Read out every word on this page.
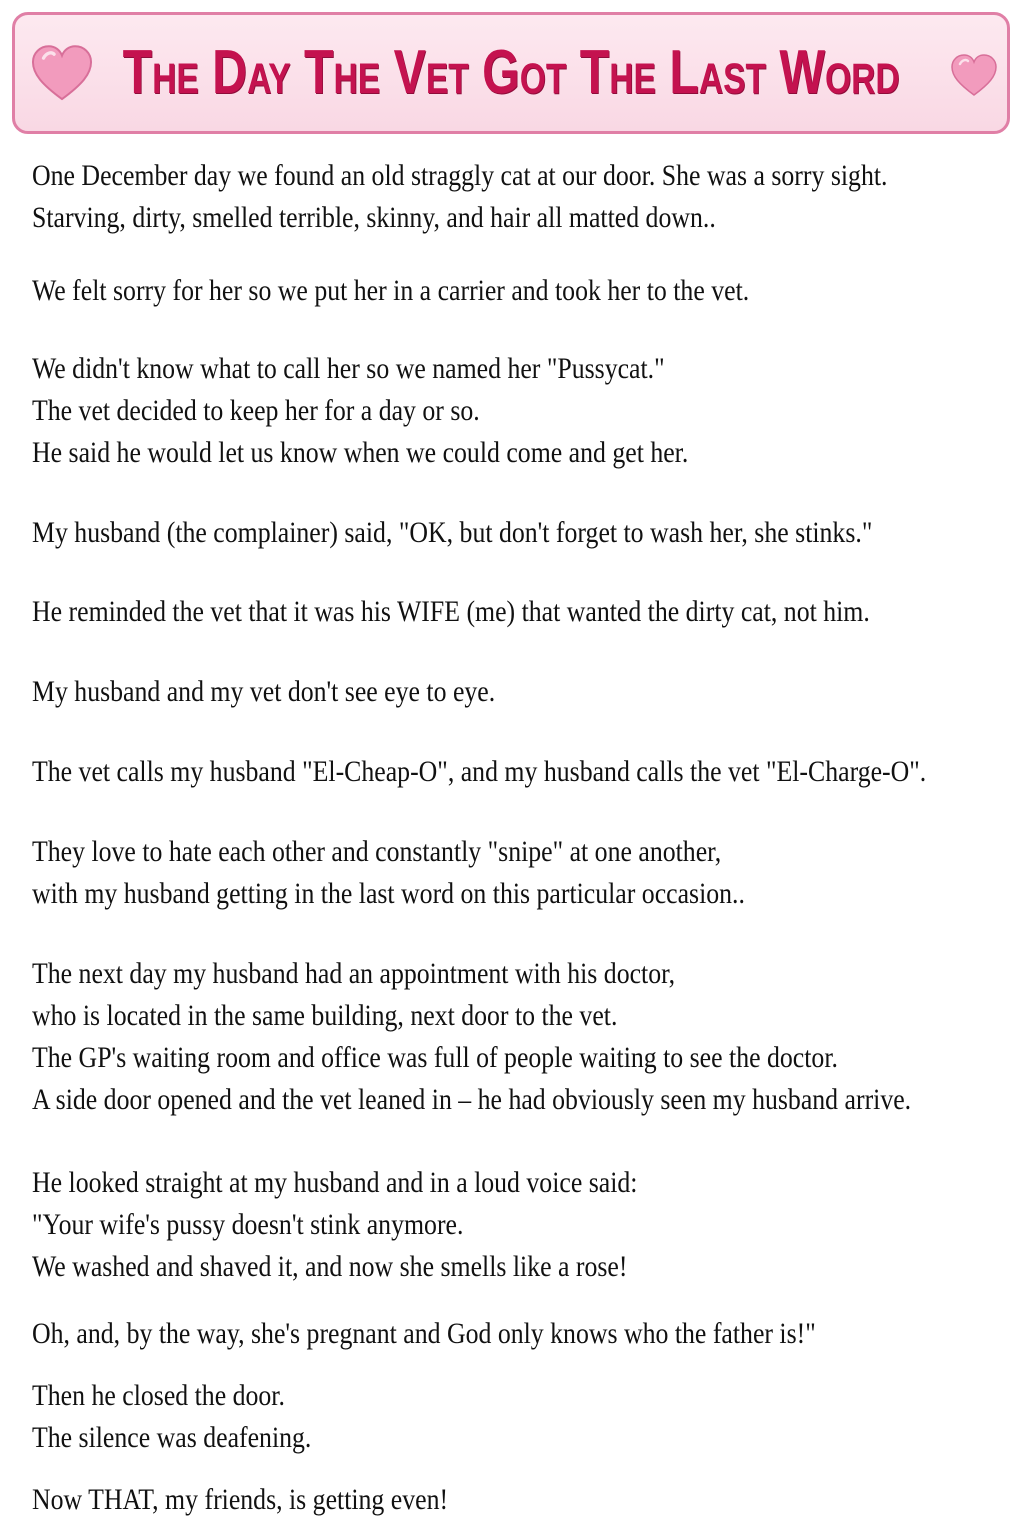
The Day The Vet Got The Last Word

One December day we found an old straggly cat at our door. She was a sorry sight.
Starving, dirty, smelled terrible, skinny, and hair all matted down..

We felt sorry for her so we put her in a carrier and took her to the vet.

We didn't know what to call her so we named her "Pussycat."
The vet decided to keep her for a day or so.
He said he would let us know when we could come and get her.

My husband (the complainer) said, "OK, but don't forget to wash her, she stinks."

He reminded the vet that it was his WIFE (me) that wanted the dirty cat, not him.

My husband and my vet don't see eye to eye.

The vet calls my husband "El-Cheap-O", and my husband calls the vet "El-Charge-O".

They love to hate each other and constantly "snipe" at one another,
with my husband getting in the last word on this particular occasion..

The next day my husband had an appointment with his doctor,
who is located in the same building, next door to the vet.
The GP's waiting room and office was full of people waiting to see the doctor.
A side door opened and the vet leaned in – he had obviously seen my husband arrive.

He looked straight at my husband and in a loud voice said:
"Your wife's pussy doesn't stink anymore.
We washed and shaved it, and now she smells like a rose!

Oh, and, by the way, she's pregnant and God only knows who the father is!"

Then he closed the door.
The silence was deafening.

Now THAT, my friends, is getting even!
